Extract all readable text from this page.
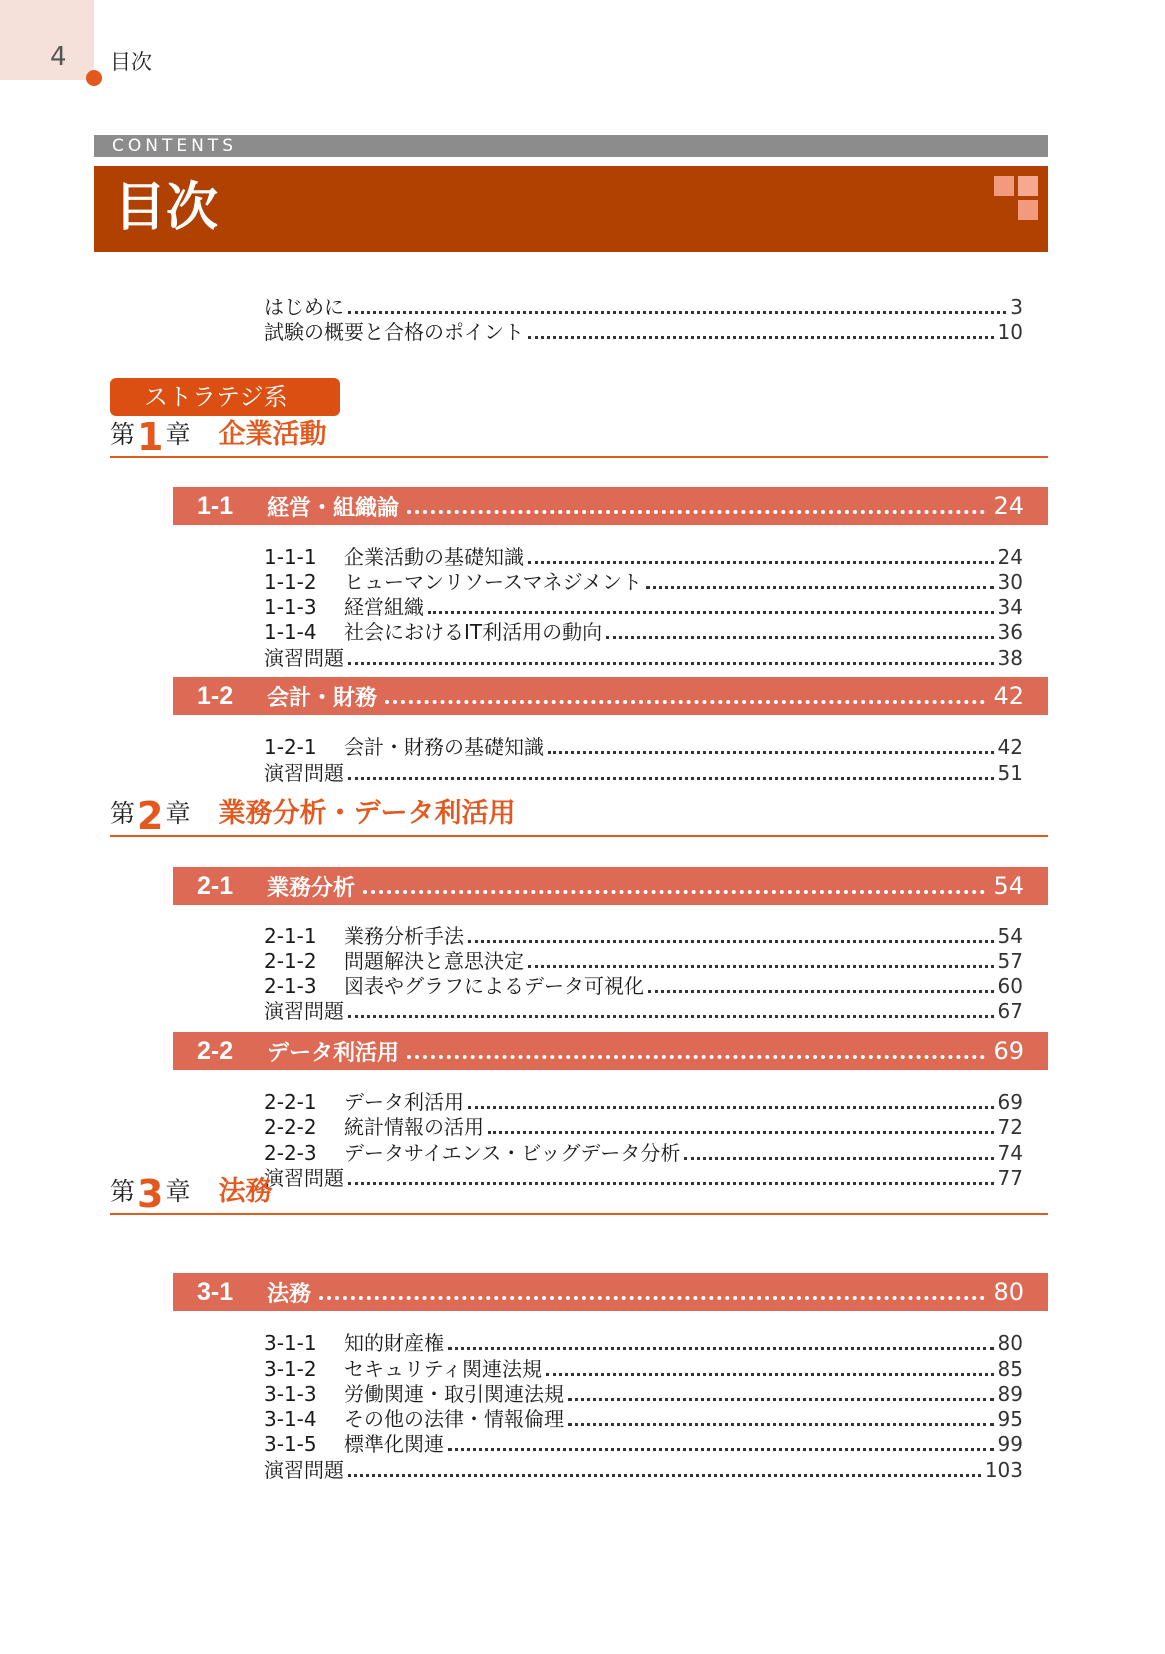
4 目次
CONTENTS
目次
はじめに	3
試験の概要と合格のポイント	10
ストラテジ系
第 1 章 企業活動
1-1	経営・組織論	24
1-1-1	企業活動の基礎知識	24
1-1-2	ヒューマンリソースマネジメント	30
1-1-3	経営組織	34
1-1-4	社会におけるIT利活用の動向	36
演習問題	38
1-2	会計・財務	42
1-2-1	会計・財務の基礎知識	42
演習問題	51
第 2 章 業務分析・データ利活用
2-1	業務分析	54
2-1-1	業務分析手法	54
2-1-2	問題解決と意思決定	57
2-1-3	図表やグラフによるデータ可視化	60
演習問題	67
2-2	データ利活用	69
2-2-1	データ利活用	69
2-2-2	統計情報の活用	72
2-2-3	データサイエンス・ビッグデータ分析	74
演習問題	77
第 3 章 法務
3-1	法務	80
3-1-1	知的財産権	80
3-1-2	セキュリティ関連法規	85
3-1-3	労働関連・取引関連法規	89
3-1-4	その他の法律・情報倫理	95
3-1-5	標準化関連	99
演習問題	103
